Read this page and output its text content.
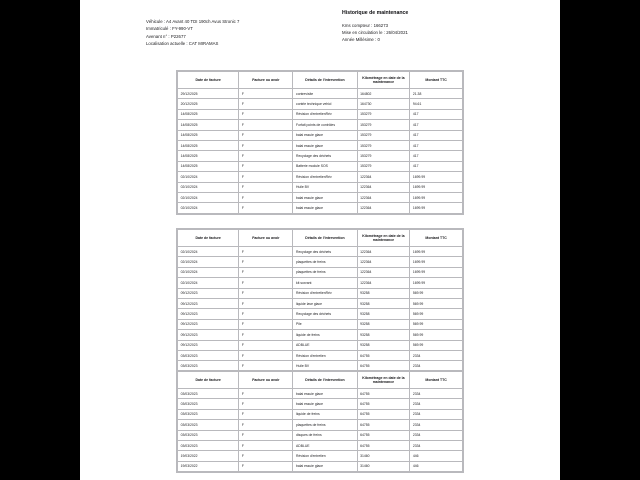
Véhicule : A4 Avant 40 TDI 190ch Avus Stronic 7
Immatriculé : FY-990-VT
Avenant n° : P22677
Localisation actuelle : CAT MIRAMAS
Historique de maintenance
Kms compteur : 166273
Mise en circulation le : 26/04/2021
Année Millésime : 0
Date de facture	Facture ou avoir	Détails de l'intervention	Kilométrage en date de la maintenance	Montant TTC
29/12/2025	F	contrevisite	164802	21.38
20/12/2025	F	contrle technique vehicl	164730	94.61
14/08/2025	F	Révision d'entretienRév	153279	417
14/08/2025	F	Forfait points de contrôles	153279	417
14/08/2025	F	balai essuie glace	153279	417
14/08/2025	F	balai essuie glace	153279	417
14/08/2025	F	Recyclage des déchets	153279	417
14/08/2025	F	Batterie module SOS	153279	417
02/10/2024	F	Révision d'entretienRév	122364	1699.99
02/10/2024	F	Huile BV	122364	1699.99
02/10/2024	F	balai essuie glace	122364	1699.99
02/10/2024	F	balai essuie glace	122364	1699.99
Date de facture	Facture ou avoir	Détails de l'intervention	Kilométrage en date de la maintenance	Montant TTC
02/10/2024	F	Recyclage des déchets	122364	1699.99
02/10/2024	F	plaquettes de freins	122364	1699.99
02/10/2024	F	plaquettes de freins	122364	1699.99
02/10/2024	F	kit soxrant	122364	1699.99
09/12/2023	F	Révision d'entretienRév	93258	569.99
09/12/2023	F	liquide lave glace	93258	569.99
09/12/2023	F	Recyclage des déchets	93258	569.99
09/12/2023	F	Pile	93258	569.99
09/12/2023	F	liquide de freins	93258	569.99
09/12/2023	F	ADBLUE	93258	569.99
03/03/2023	F	Révision d'entretien	64755	2334
03/03/2023	F	Huile BV	64755	2334
Date de facture	Facture ou avoir	Détails de l'intervention	Kilométrage en date de la maintenance	Montant TTC
03/03/2023	F	balai essuie glace	64755	2334
03/03/2023	F	balai essuie glace	64755	2334
03/03/2023	F	liquide de freins	64755	2334
03/03/2023	F	plaquettes de freins	64755	2334
03/03/2023	F	disques de freins	64755	2334
03/03/2023	F	ADBLUE	64755	2334
19/03/2022	F	Révision d'entretien	31460	446
19/03/2022	F	balai essuie glace	31460	446
